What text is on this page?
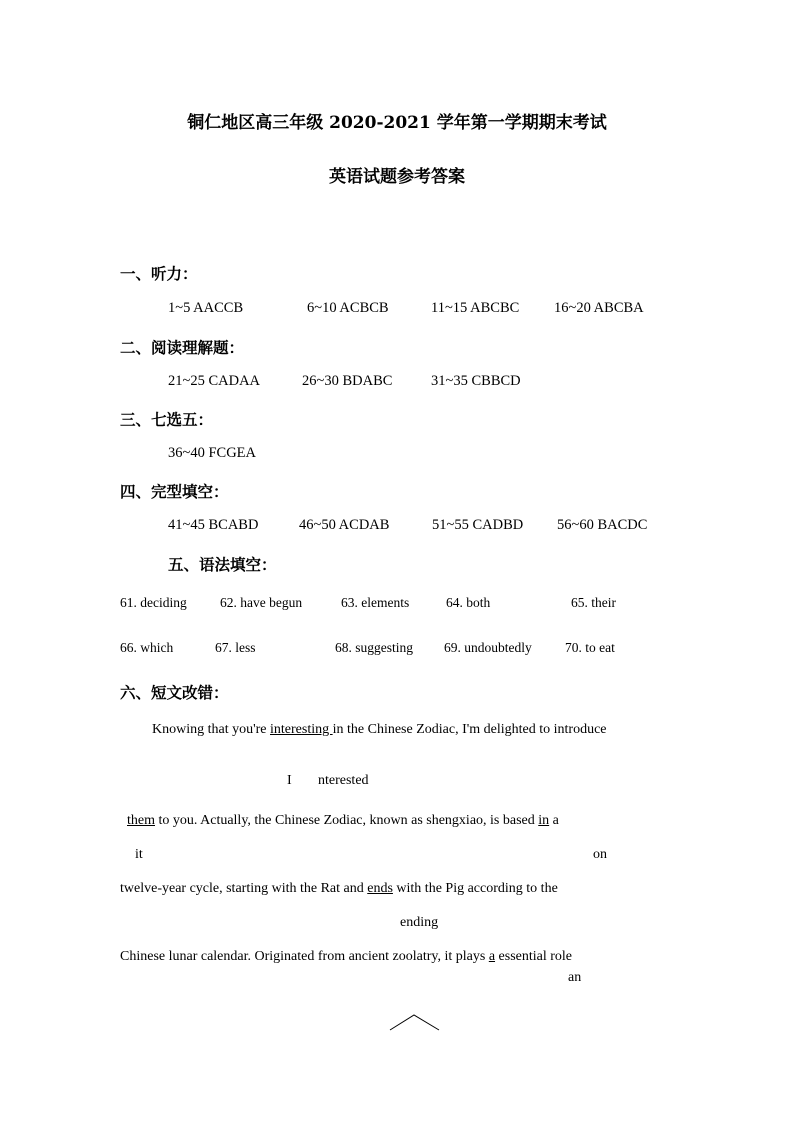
铜仁地区高三年级 2020-2021 学年第一学期期末考试
英语试题参考答案
一、听力：
1~5 AACCB	6~10 ACBCB	11~15 ABCBC 16~20 ABCBA
二、阅读理解题：
21~25 CADAA	26~30 BDABC	31~35 CBBCD
三、七选五：
36~40 FCGEA
四、完型填空：
41~45 BCABD	46~50 ACDAB	51~55 CADBD 56~60 BACDC
五、语法填空：
61. deciding 62. have begun	63. elements	64. both	65. their
66. which	67. less	68. suggesting 69. undoubtedly 70. to eat
六、短文改错：
Knowing that you're interesting in the Chinese Zodiac, I'm delighted to introduce
I nterested
them to you. Actually, the Chinese Zodiac, known as shengxiao, is based in a
it	on
twelve-year cycle, starting with the Rat and ends with the Pig according to the
ending
Chinese lunar calendar. Originated from ancient zoolatry, it plays a essential role
an
